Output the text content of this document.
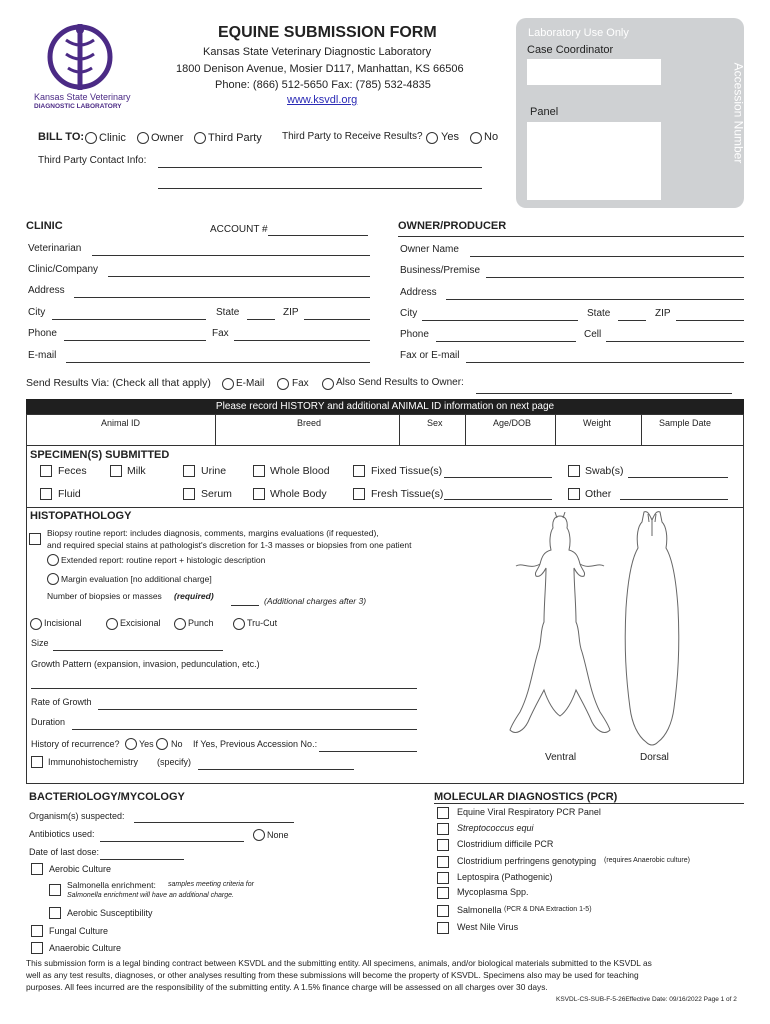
Kansas State Veterinary
DIAGNOSTIC LABORATORY
EQUINE SUBMISSION FORM
Kansas State Veterinary Diagnostic Laboratory
1800 Denison Avenue, Mosier D117, Manhattan, KS 66506
Phone: (866) 512-5650 Fax: (785) 532-4835
www.ksvdl.org
Laboratory Use Only
Case Coordinator
Panel	Accession Number
BILL TO: Clinic Owner Third Party Third Party to Receive Results? Yes No
Third Party Contact Info:
CLINIC	ACCOUNT #
Veterinarian
Clinic/Company
Address
City	State	ZIP
Phone	Fax
E-mail
OWNER/PRODUCER
Owner Name
Business/Premise
Address
City	State	ZIP
Phone	Cell
Fax or E-mail
Send Results Via: (Check all that apply)	E-Mail	Fax	Also Send Results to Owner:
Please record HISTORY and additional ANIMAL ID information on next page
Animal ID	Breed	Sex	Age/DOB	Weight	Sample Date
SPECIMEN(S) SUBMITTED
Feces	Milk	Urine	Whole Blood	Fixed Tissue(s)	Swab(s)
Fluid	Serum	Whole Body	Fresh Tissue(s)	Other
HISTOPATHOLOGY
Biopsy routine report: includes diagnosis, comments, margins evaluations (if requested),
and required special stains at pathologist's discretion for 1-3 masses or biopsies from one patient
Extended report: routine report + histologic description
Margin evaluation [no additional charge]
Number of biopsies or masses (required)	(Additional charges after 3)
Incisional	Excisional	Punch	Tru-Cut
Size
Growth Pattern (expansion, invasion, pedunculation, etc.)
Rate of Growth
Duration
History of recurrence? Yes No If Yes, Previous Accession No.:
Immunohistochemistry (specify)	Ventral	Dorsal
BACTERIOLOGY/MYCOLOGY
Organism(s) suspected:
Antibiotics used:	None
Date of last dose:
Aerobic Culture
Salmonella enrichment: samples meeting criteria for
Salmonella enrichment will have an additional charge.
Aerobic Susceptibility
Fungal Culture
Anaerobic Culture
MOLECULAR DIAGNOSTICS (PCR)
Equine Viral Respiratory PCR Panel
Streptococcus equi
Clostridium difficile PCR
Clostridium perfringens genotyping (requires Anaerobic culture)
Leptospira (Pathogenic)
Mycoplasma Spp.
Salmonella (PCR & DNA Extraction 1-5)
West Nile Virus
This submission form is a legal binding contract between KSVDL and the submitting entity. All specimens, animals, and/or biological materials submitted to the KSVDL as
well as any test results, diagnoses, or other analyses resulting from these submissions will become the property of KSVDL. Specimens also may be used for teaching
purposes. All fees incurred are the responsibility of the submitting entity. A 1.5% finance charge will be assessed on all charges over 30 days.
KSVDL-CS-SUB-F-5-26Effective Date: 09/16/2022 Page 1 of 2
